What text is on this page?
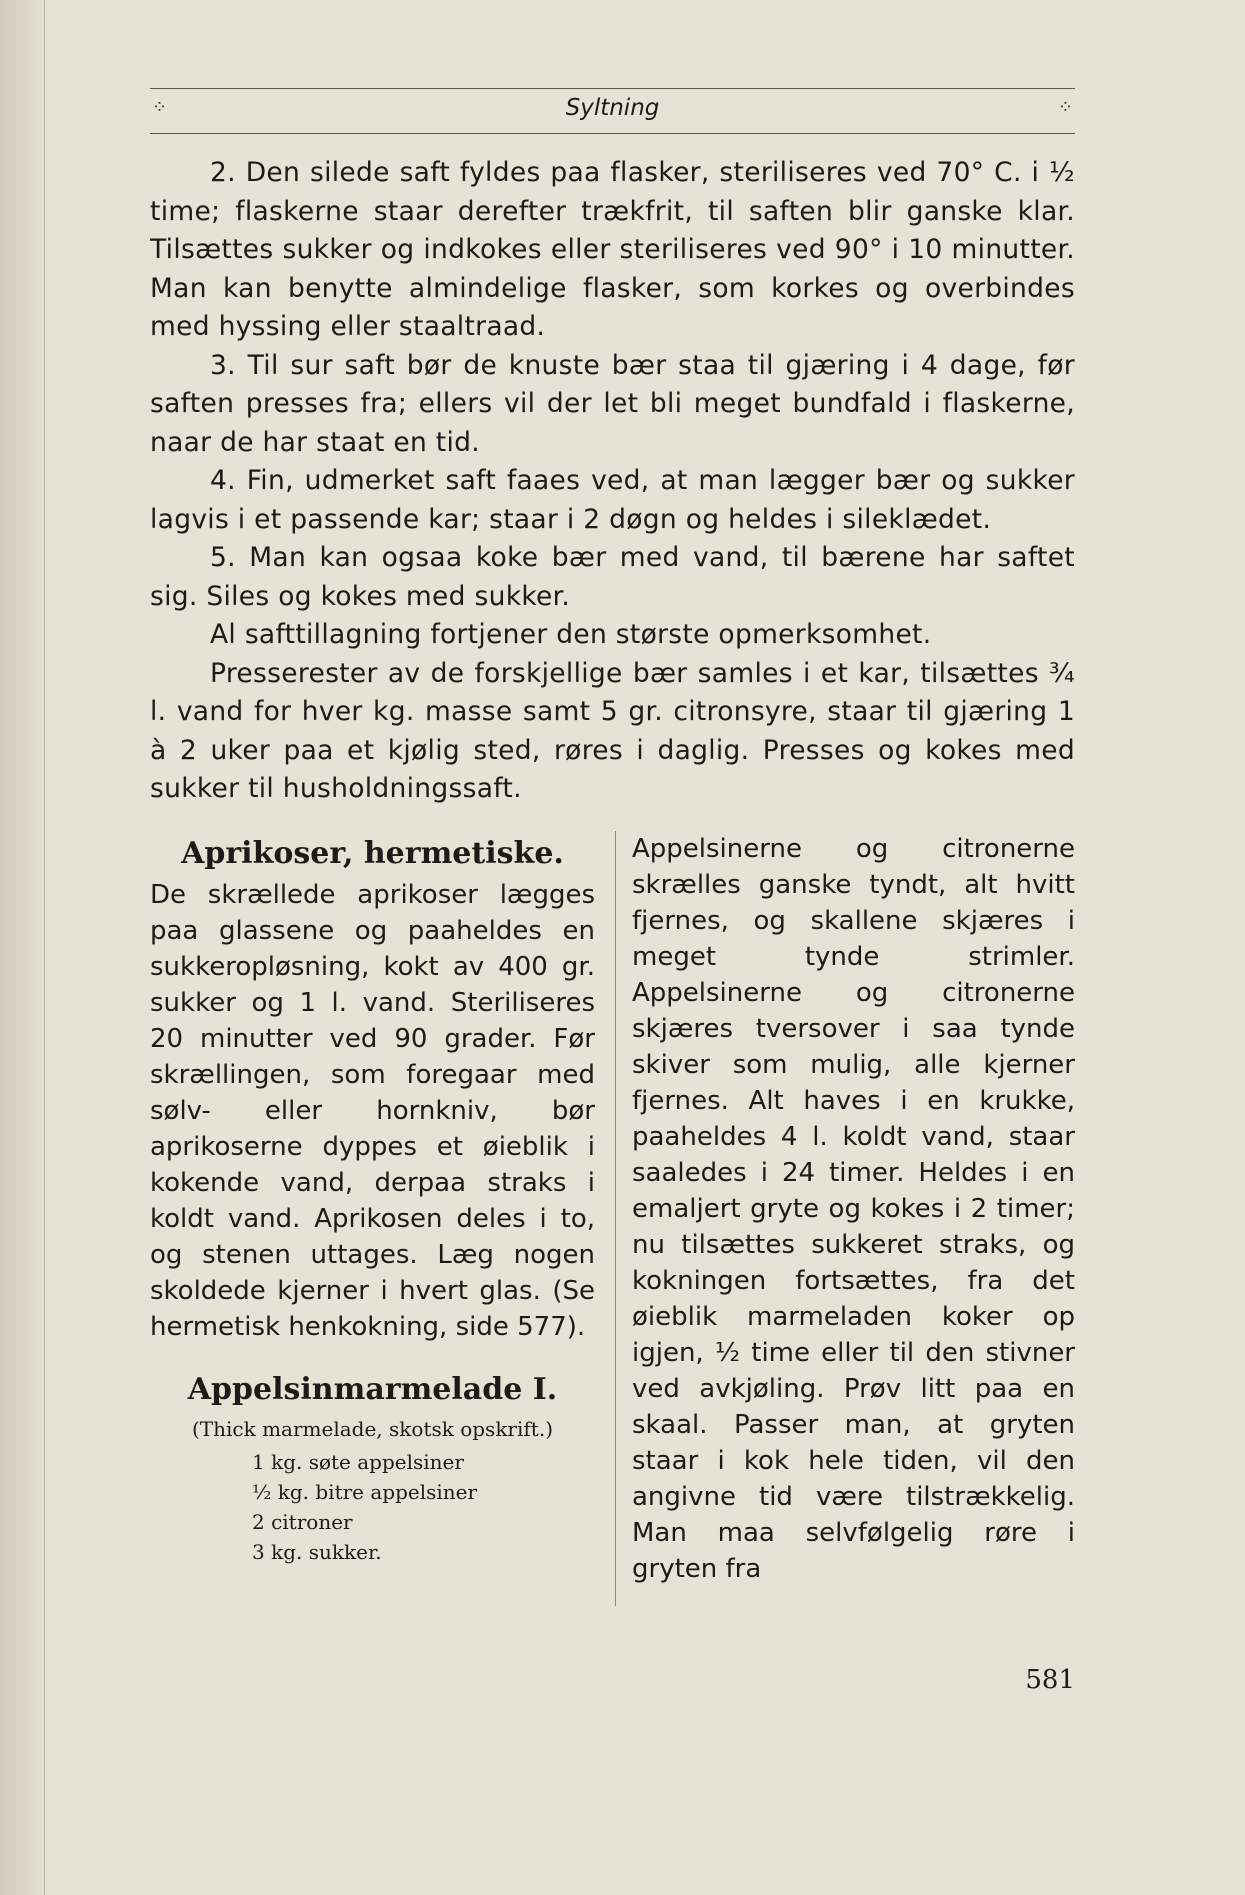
⁘	Syltning	⁘

2. Den silede saft fyldes paa flasker, steriliseres ved 70° C. i ½ time; flaskerne staar derefter trækfrit, til saften blir ganske klar. Tilsættes sukker og indkokes eller steriliseres ved 90° i 10 minutter. Man kan benytte almindelige flasker, som korkes og overbindes med hyssing eller staaltraad.

3. Til sur saft bør de knuste bær staa til gjæring i 4 dage, før saften presses fra; ellers vil der let bli meget bundfald i flaskerne, naar de har staat en tid.

4. Fin, udmerket saft faaes ved, at man lægger bær og sukker lagvis i et passende kar; staar i 2 døgn og heldes i sileklædet.

5. Man kan ogsaa koke bær med vand, til bærene har saftet sig. Siles og kokes med sukker.

Al safttillagning fortjener den største opmerksomhet.

Presserester av de forskjellige bær samles i et kar, tilsættes ¾ l. vand for hver kg. masse samt 5 gr. citronsyre, staar til gjæring 1 à 2 uker paa et kjølig sted, røres i daglig. Presses og kokes med sukker til husholdningssaft.

Aprikoser, hermetiske.

De skrællede aprikoser lægges paa glassene og paaheldes en sukkeropløsning, kokt av 400 gr. sukker og 1 l. vand. Steriliseres 20 minutter ved 90 grader. Før skrællingen, som foregaar med sølv- eller hornkniv, bør aprikoserne dyppes et øieblik i kokende vand, derpaa straks i koldt vand. Aprikosen deles i to, og stenen uttages. Læg nogen skoldede kjerner i hvert glas. (Se hermetisk henkokning, side 577).

Appelsinmarmelade I.
(Thick marmelade, skotsk opskrift.)
1 kg. søte appelsiner
½ kg. bitre appelsiner
2 citroner
3 kg. sukker.

Appelsinerne og citronerne skrælles ganske tyndt, alt hvitt fjernes, og skallene skjæres i meget tynde strimler. Appelsinerne og citronerne skjæres tversover i saa tynde skiver som mulig, alle kjerner fjernes. Alt haves i en krukke, paaheldes 4 l. koldt vand, staar saaledes i 24 timer. Heldes i en emaljert gryte og kokes i 2 timer; nu tilsættes sukkeret straks, og kokningen fortsættes, fra det øieblik marmeladen koker op igjen, ½ time eller til den stivner ved avkjøling. Prøv litt paa en skaal. Passer man, at gryten staar i kok hele tiden, vil den angivne tid være tilstrækkelig. Man maa selvfølgelig røre i gryten fra

581
